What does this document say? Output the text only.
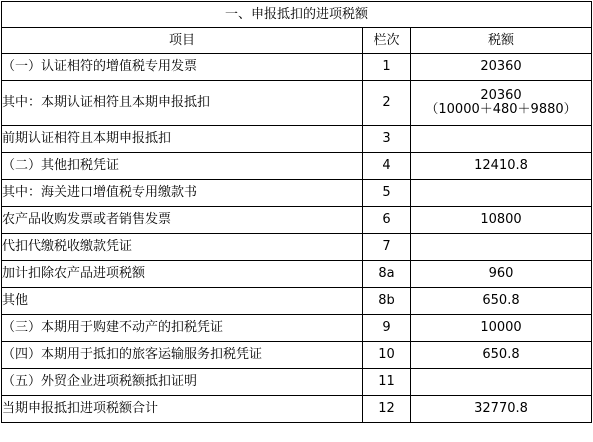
一、申报抵扣的进项税额		
项目	栏次	税额
（一）认证相符的增值税专用发票	1	20360
其中：本期认证相符且本期申报抵扣	2	20360
（10000＋480＋9880）

前期认证相符且本期申报抵扣	3	
（二）其他扣税凭证	4	12410.8
其中：海关进口增值税专用缴款书	5	
农产品收购发票或者销售发票	6	10800
代扣代缴税收缴款凭证	7	
加计扣除农产品进项税额	8a	960
其他	8b	650.8
（三）本期用于购建不动产的扣税凭证	9	10000
（四）本期用于抵扣的旅客运输服务扣税凭证	10	650.8
（五）外贸企业进项税额抵扣证明	11	
当期申报抵扣进项税额合计	12	32770.8
